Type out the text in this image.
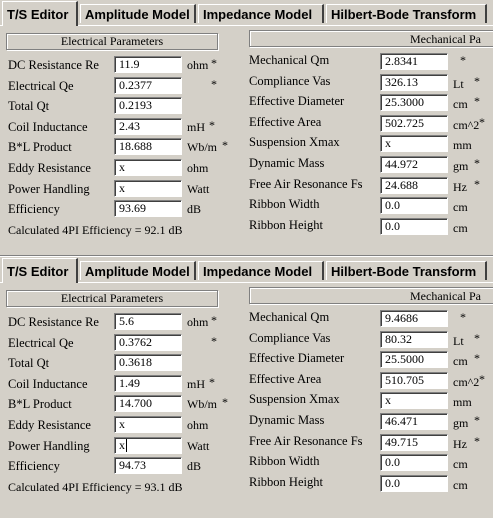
T/S Editor	Amplitude Model	Impedance Model	Hilbert-Bode Transform
Electrical Parameters	Mechanical Pa
DC Resistance Re	11.9	ohm *
Electrical Qe	0.2377	*
Total Qt	0.2193
Coil Inductance	2.43	mH *
B*L Product	18.688	Wb/m *
Eddy Resistance	x	ohm
Power Handling	x	Watt
Efficiency	93.69	dB
Calculated 4PI Efficiency = 92.1 dB
Mechanical Qm	2.8341	*
Compliance Vas	326.13	Lt *
Effective Diameter	25.3000	cm *
Effective Area	502.725	cm^2 *
Suspension Xmax	x	mm
Dynamic Mass	44.972	gm *
Free Air Resonance Fs	24.688	Hz *
Ribbon Width	0.0	cm
Ribbon Height	0.0	cm
T/S Editor	Amplitude Model	Impedance Model	Hilbert-Bode Transform
Electrical Parameters	Mechanical Pa
DC Resistance Re	5.6	ohm *
Electrical Qe	0.3762	*
Total Qt	0.3618
Coil Inductance	1.49	mH *
B*L Product	14.700	Wb/m *
Eddy Resistance	x	ohm
Power Handling	x	Watt
Efficiency	94.73	dB
Calculated 4PI Efficiency = 93.1 dB
Mechanical Qm	9.4686	*
Compliance Vas	80.32	Lt *
Effective Diameter	25.5000	cm *
Effective Area	510.705	cm^2 *
Suspension Xmax	x	mm
Dynamic Mass	46.471	gm *
Free Air Resonance Fs	49.715	Hz *
Ribbon Width	0.0	cm
Ribbon Height	0.0	cm
